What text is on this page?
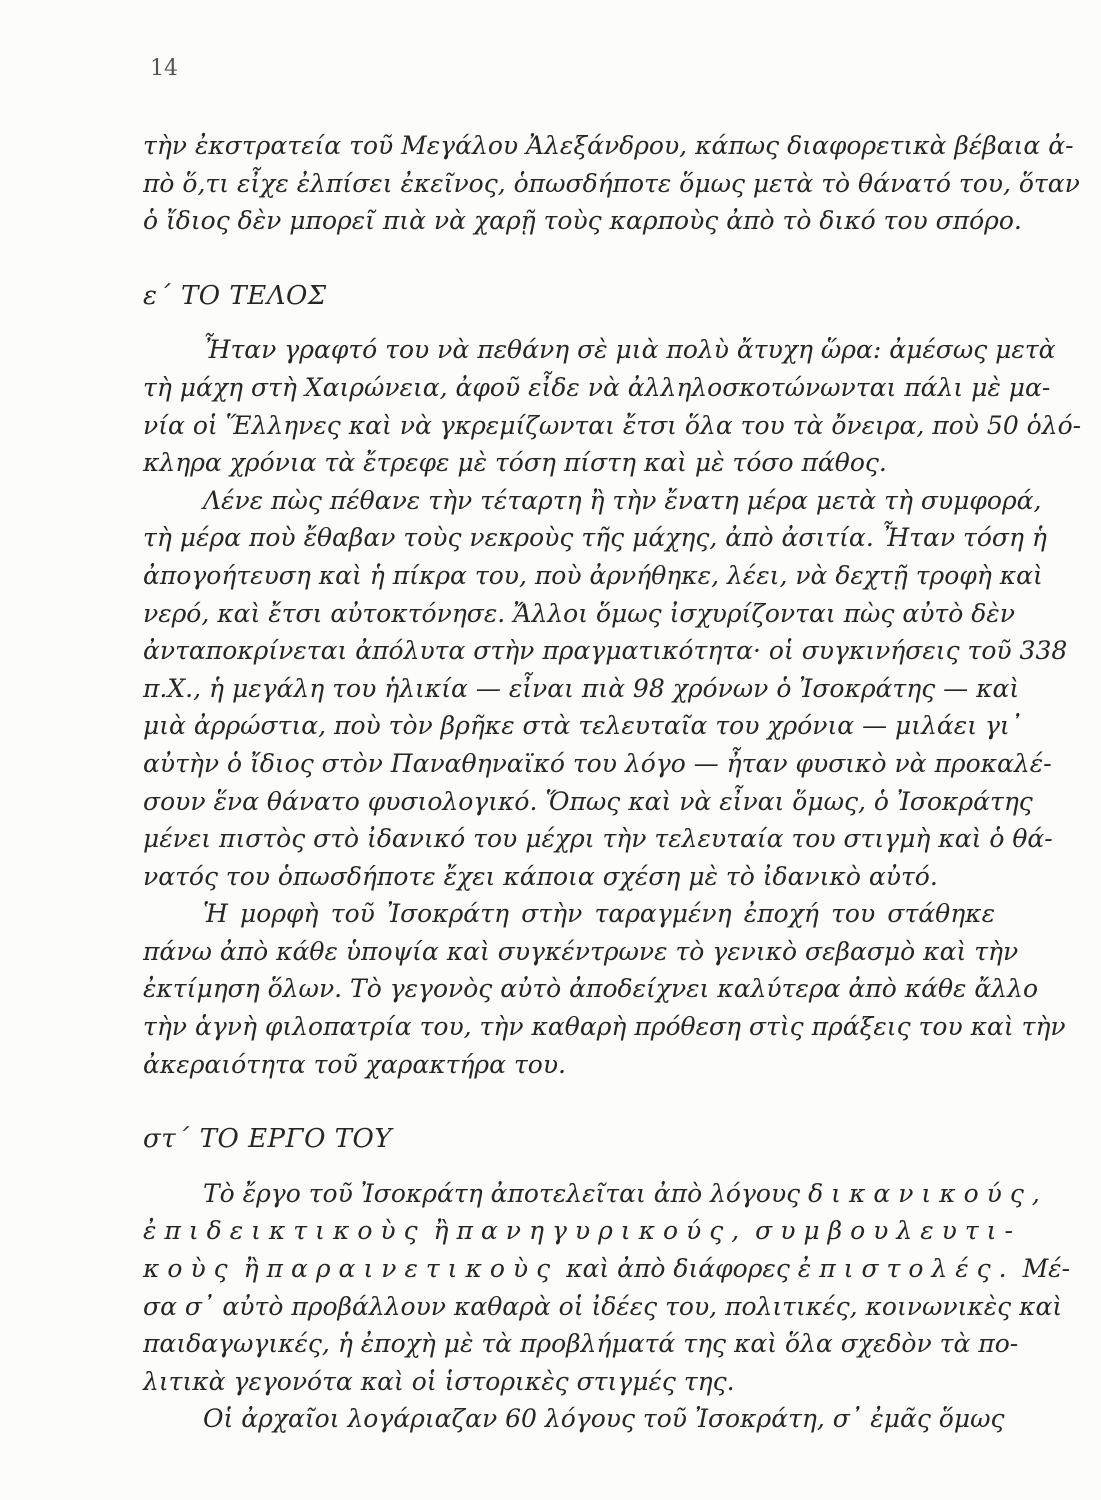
14
τὴν ἐκστρατεία τοῦ Μεγάλου Ἀλεξάνδρου, κάπως διαφορετικὰ βέβαια ἀ-
πὸ ὅ,τι εἶχε ἐλπίσει ἐκεῖνος, ὁπωσδήποτε ὅμως μετὰ τὸ θάνατό του, ὅταν
ὁ ἴδιος δὲν μπορεῖ πιὰ νὰ χαρῇ τοὺς καρποὺς ἀπὸ τὸ δικό του σπόρο.
ε΄ ΤΟ ΤΕΛΟΣ
Ἦταν γραφτό του νὰ πεθάνη σὲ μιὰ πολὺ ἄτυχη ὥρα: ἀμέσως μετὰ
τὴ μάχη στὴ Χαιρώνεια, ἀφοῦ εἶδε νὰ ἀλληλοσκοτώνωνται πάλι μὲ μα-
νία οἱ Ἕλληνες καὶ νὰ γκρεμίζωνται ἔτσι ὅλα του τὰ ὄνειρα, ποὺ 50 ὁλό-
κληρα χρόνια τὰ ἔτρεφε μὲ τόση πίστη καὶ μὲ τόσο πάθος.
Λένε πὼς πέθανε τὴν τέταρτη ἢ τὴν ἔνατη μέρα μετὰ τὴ συμφορά,
τὴ μέρα ποὺ ἔθαβαν τοὺς νεκροὺς τῆς μάχης, ἀπὸ ἀσιτία. Ἦταν τόση ἡ
ἀπογοήτευση καὶ ἡ πίκρα του, ποὺ ἀρνήθηκε, λέει, νὰ δεχτῇ τροφὴ καὶ
νερό, καὶ ἔτσι αὐτοκτόνησε. Ἄλλοι ὅμως ἰσχυρίζονται πὼς αὐτὸ δὲν
ἀνταποκρίνεται ἀπόλυτα στὴν πραγματικότητα· οἱ συγκινήσεις τοῦ 338
π.Χ., ἡ μεγάλη του ἡλικία — εἶναι πιὰ 98 χρόνων ὁ Ἰσοκράτης — καὶ
μιὰ ἀρρώστια, ποὺ τὸν βρῆκε στὰ τελευταῖα του χρόνια — μιλάει γι᾽
αὐτὴν ὁ ἴδιος στὸν Παναθηναϊκό του λόγο — ἦταν φυσικὸ νὰ προκαλέ-
σουν ἕνα θάνατο φυσιολογικό. Ὅπως καὶ νὰ εἶναι ὅμως, ὁ Ἰσοκράτης
μένει πιστὸς στὸ ἰδανικό του μέχρι τὴν τελευταία του στιγμὴ καὶ ὁ θά-
νατός του ὁπωσδήποτε ἔχει κάποια σχέση μὲ τὸ ἰδανικὸ αὐτό.
Ἡ μορφὴ τοῦ Ἰσοκράτη στὴν ταραγμένη ἐποχή του στάθηκε
πάνω ἀπὸ κάθε ὑποψία καὶ συγκέντρωνε τὸ γενικὸ σεβασμὸ καὶ τὴν
ἐκτίμηση ὅλων. Τὸ γεγονὸς αὐτὸ ἀποδείχνει καλύτερα ἀπὸ κάθε ἄλλο
τὴν ἁγνὴ φιλοπατρία του, τὴν καθαρὴ πρόθεση στὶς πράξεις του καὶ τὴν
ἀκεραιότητα τοῦ χαρακτήρα του.
στ΄ ΤΟ ΕΡΓΟ ΤΟΥ
Τὸ ἔργο τοῦ Ἰσοκράτη ἀποτελεῖται ἀπὸ λόγους δικανικούς,
ἐπιδεικτικοὺς ἢ πανηγυρικούς, συμβουλευτι-
κοὺς ἢ παραινετικοὺς καὶ ἀπὸ διάφορες ἐπιστολές. Μέ-
σα σ᾽ αὐτὸ προβάλλουν καθαρὰ οἱ ἰδέες του, πολιτικές, κοινωνικὲς καὶ
παιδαγωγικές, ἡ ἐποχὴ μὲ τὰ προβλήματά της καὶ ὅλα σχεδὸν τὰ πο-
λιτικὰ γεγονότα καὶ οἱ ἱστορικὲς στιγμές της.
Οἱ ἀρχαῖοι λογάριαζαν 60 λόγους τοῦ Ἰσοκράτη, σ᾽ ἐμᾶς ὅμως
